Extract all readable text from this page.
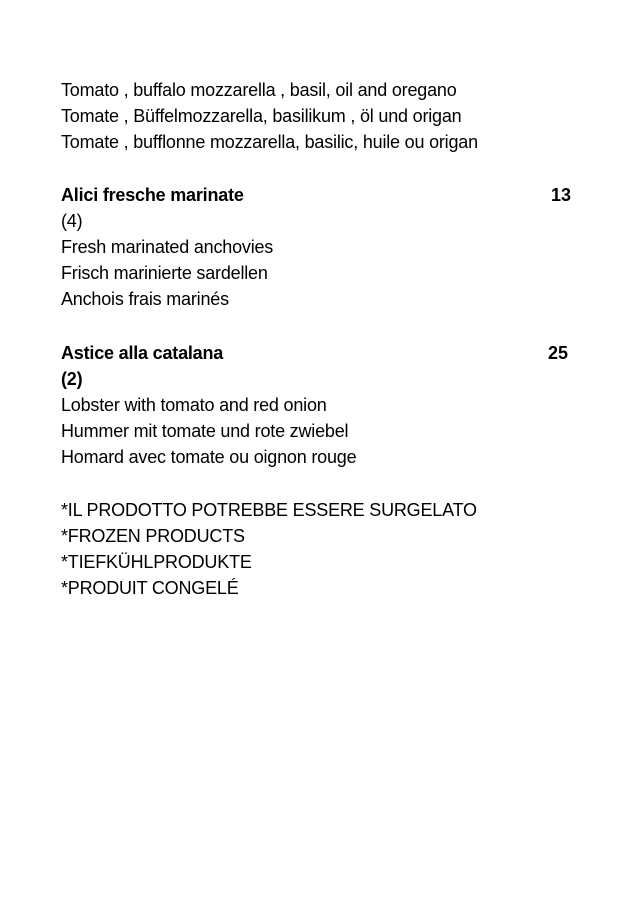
Tomato , buffalo mozzarella , basil, oil and oregano
Tomate , Büffelmozzarella, basilikum , öl und origan
Tomate , bufflonne mozzarella, basilic, huile ou origan
Alici fresche marinate	13
(4)
Fresh marinated anchovies
Frisch marinierte sardellen
Anchois frais marinés
Astice alla catalana	25
(2)
Lobster with tomato and red onion
Hummer mit tomate und rote zwiebel
Homard avec tomate ou oignon rouge
*IL PRODOTTO POTREBBE ESSERE SURGELATO
*FROZEN PRODUCTS
*TIEFKÜHLPRODUKTE
*PRODUIT CONGELÉ
